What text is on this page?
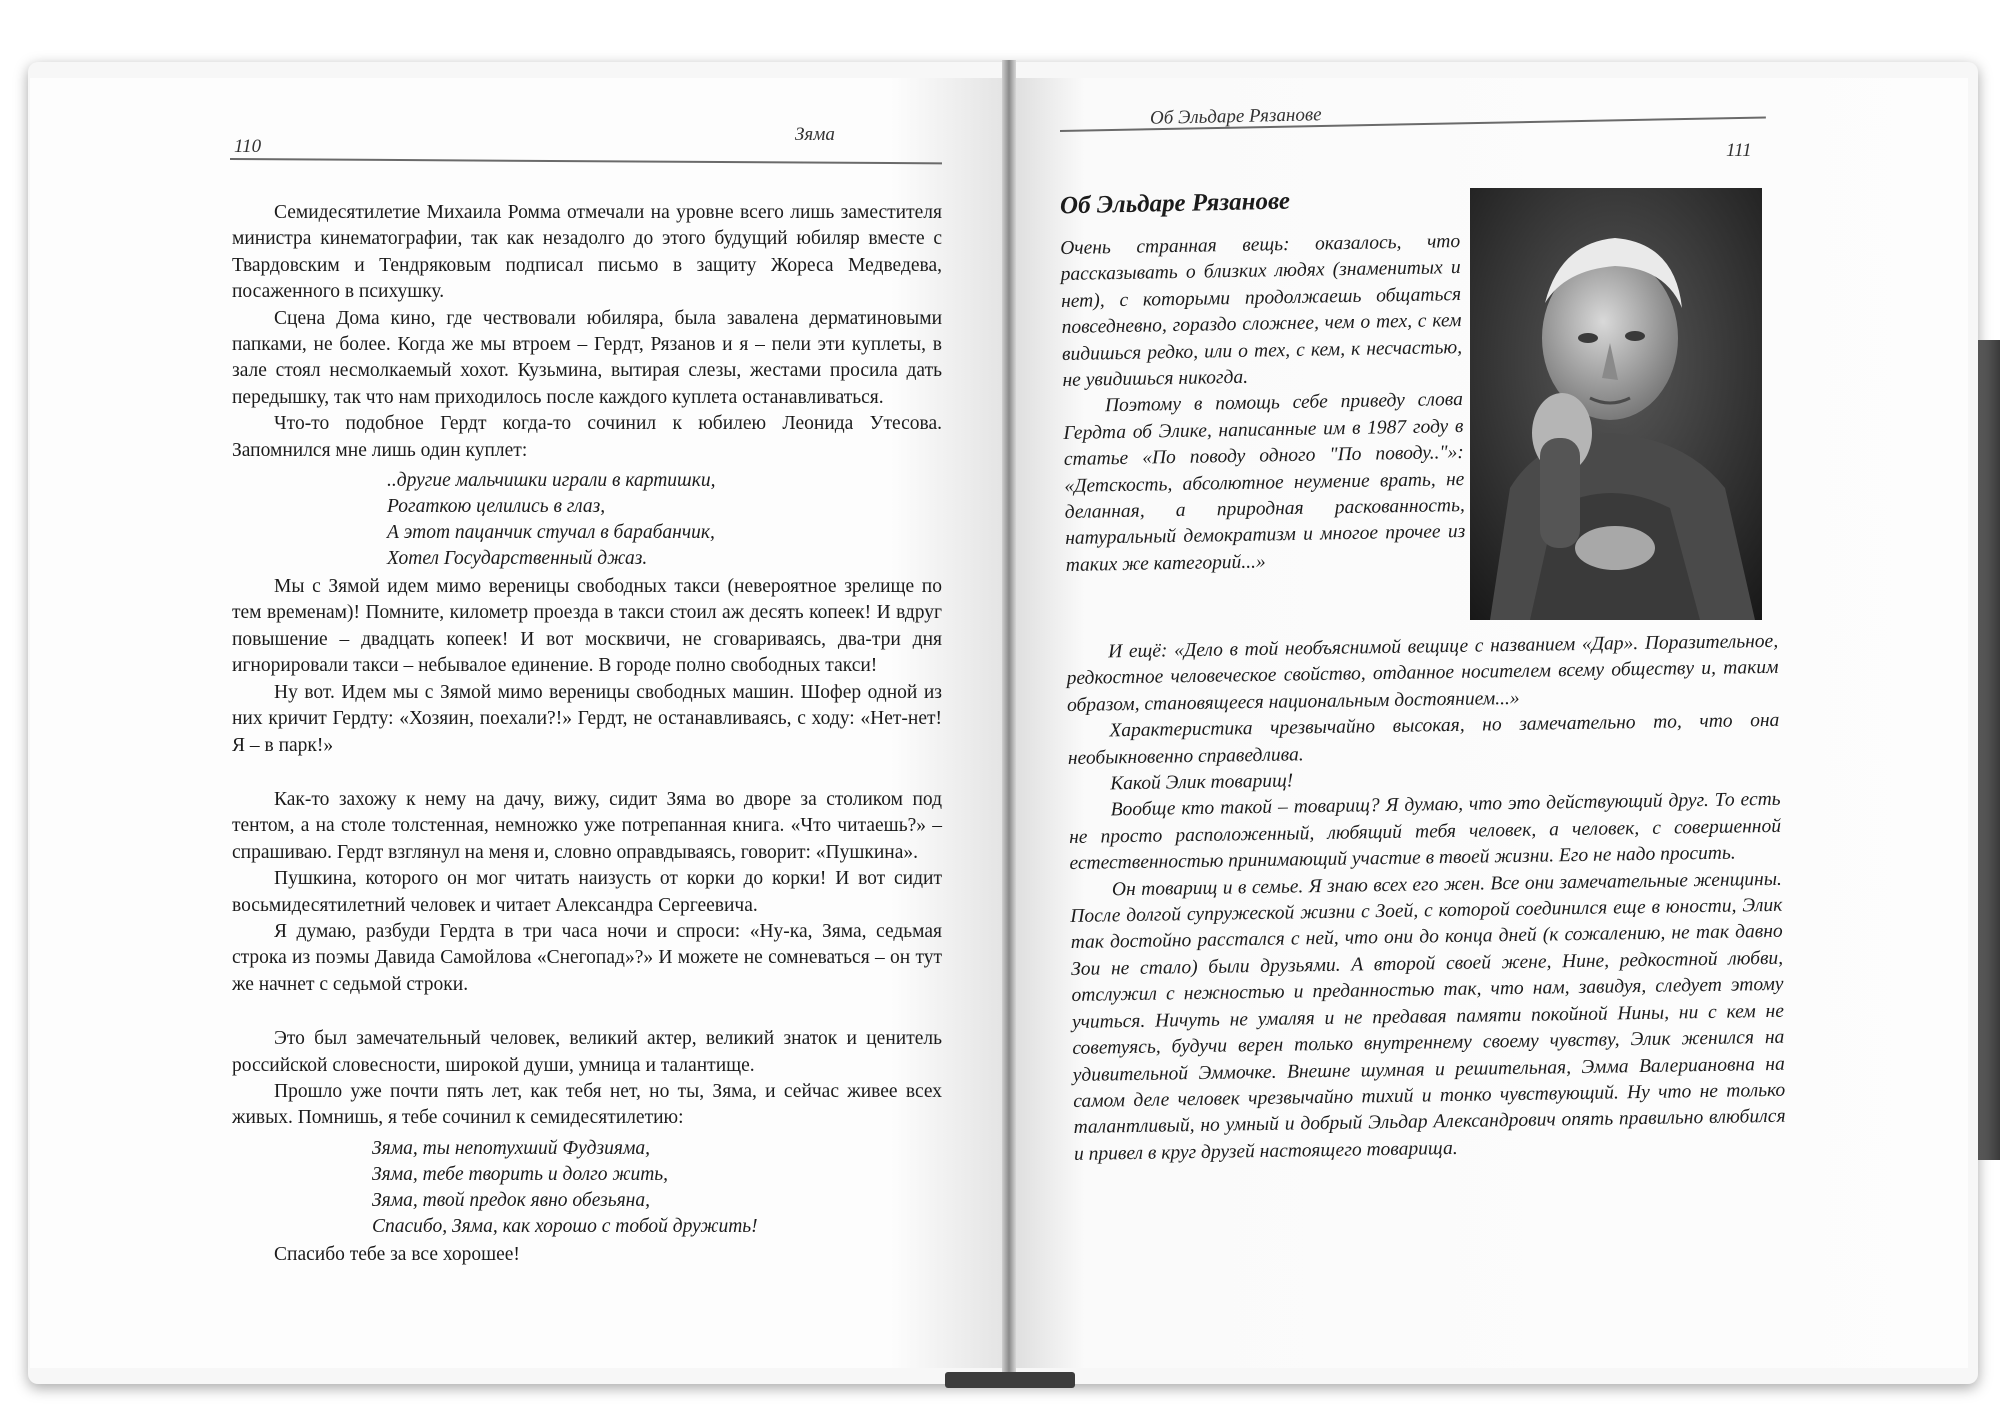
110
Зяма

Семидесятилетие Михаила Ромма отмечали на уровне всего лишь заместителя министра кинематографии, так как незадолго до этого будущий юбиляр вместе с Твардовским и Тендряковым подписал письмо в защиту Жореса Медведева, посаженного в психушку.

Сцена Дома кино, где чествовали юбиляра, была завалена дерматиновыми папками, не более. Когда же мы втроем – Гердт, Рязанов и я – пели эти куплеты, в зале стоял несмолкаемый хохот. Кузьмина, вытирая слезы, жестами просила дать передышку, так что нам приходилось после каждого куплета останавливаться.

Что-то подобное Гердт когда-то сочинил к юбилею Леонида Утесова. Запомнился мне лишь один куплет:

..другие мальчишки играли в картишки,
Рогаткою целились в глаз,
А этот пацанчик стучал в барабанчик,
Хотел Государственный джаз.

Мы с Зямой идем мимо вереницы свободных такси (невероятное зрелище по тем временам)! Помните, километр проезда в такси стоил аж десять копеек! И вдруг повышение – двадцать копеек! И вот москвичи, не сговариваясь, два-три дня игнорировали такси – небывалое единение. В городе полно свободных такси!

Ну вот. Идем мы с Зямой мимо вереницы свободных машин. Шофер одной из них кричит Гердту: «Хозяин, поехали?!» Гердт, не останавливаясь, с ходу: «Нет-нет! Я – в парк!»

Как-то захожу к нему на дачу, вижу, сидит Зяма во дворе за столиком под тентом, а на столе толстенная, немножко уже потрепанная книга. «Что читаешь?» – спрашиваю. Гердт взглянул на меня и, словно оправдываясь, говорит: «Пушкина».

Пушкина, которого он мог читать наизусть от корки до корки! И вот сидит восьмидесятилетний человек и читает Александра Сергеевича.

Я думаю, разбуди Гердта в три часа ночи и спроси: «Ну-ка, Зяма, седьмая строка из поэмы Давида Самойлова «Снегопад»?» И можете не сомневаться – он тут же начнет с седьмой строки.

Это был замечательный человек, великий актер, великий знаток и ценитель российской словесности, широкой души, умница и талантище.

Прошло уже почти пять лет, как тебя нет, но ты, Зяма, и сейчас живее всех живых. Помнишь, я тебе сочинил к семидесятилетию:

Зяма, ты непотухший Фудзияма,
Зяма, тебе творить и долго жить,
Зяма, твой предок явно обезьяна,
Спасибо, Зяма, как хорошо с тобой дружить!

Спасибо тебе за все хорошее!

Об Эльдаре Рязанове
111
Об Эльдаре Рязанове

Очень странная вещь: оказалось, что рассказывать о близких людях (знаменитых и нет), с которыми продолжаешь общаться повседневно, гораздо сложнее, чем о тех, с кем видишься редко, или о тех, с кем, к несчастью, не увидишься никогда.

Поэтому в помощь себе приведу слова Гердта об Элике, написанные им в 1987 году в статье «По поводу одного "По поводу.."»: «Детскость, абсолютное неумение врать, не деланная, а природная раскованность, натуральный демократизм и многое прочее из таких же категорий...»

И ещё: «Дело в той необъяснимой вещице с названием «Дар». Поразительное, редкостное человеческое свойство, отданное носителем всему обществу и, таким образом, становящееся национальным достоянием...»

Характеристика чрезвычайно высокая, но замечательно то, что она необыкновенно справедлива.

Какой Элик товарищ!

Вообще кто такой – товарищ? Я думаю, что это действующий друг. То есть не просто расположенный, любящий тебя человек, а человек, с совершенной естественностью принимающий участие в твоей жизни. Его не надо просить.

Он товарищ и в семье. Я знаю всех его жен. Все они замечательные женщины. После долгой супружеской жизни с Зоей, с которой соединился еще в юности, Элик так достойно расстался с ней, что они до конца дней (к сожалению, не так давно Зои не стало) были друзьями. А второй своей жене, Нине, редкостной любви, отслужил с нежностью и преданностью так, что нам, завидуя, следует этому учиться. Ничуть не умаляя и не предавая памяти покойной Нины, ни с кем не советуясь, будучи верен только внутреннему своему чувству, Элик женился на удивительной Эммочке. Внешне шумная и решительная, Эмма Валериановна на самом деле человек чрезвычайно тихий и тонко чувствующий. Ну что не только талантливый, но умный и добрый Эльдар Александрович опять правильно влюбился и привел в круг друзей настоящего товарища.
